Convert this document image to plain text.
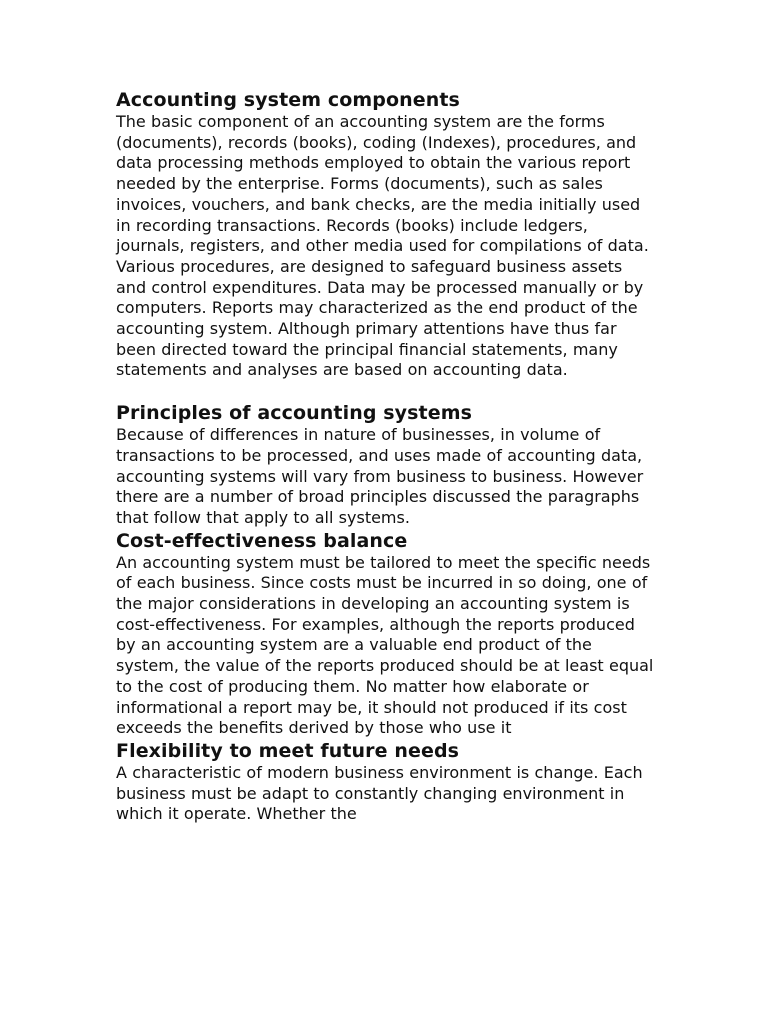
Accounting system components

The basic component of an accounting system are the forms (documents), records (books), coding (Indexes), procedures, and data processing methods employed to obtain the various report needed by the enterprise. Forms (documents), such as sales invoices, vouchers, and bank checks, are the media initially used in recording transactions. Records (books) include ledgers, journals, registers, and other media used for compilations of data. Various procedures, are designed to safeguard business assets and control expenditures. Data may be processed manually or by computers. Reports may characterized as the end product of the accounting system. Although primary attentions have thus far been directed toward the principal financial statements, many statements and analyses are based on accounting data.

Principles of accounting systems

Because of differences in nature of businesses, in volume of transactions to be processed, and uses made of accounting data, accounting systems will vary from business to business. However there are a number of broad principles discussed the paragraphs that follow that apply to all systems.

Cost-effectiveness balance

An accounting system must be tailored to meet the specific needs of each business. Since costs must be incurred in so doing, one of the major considerations in developing an accounting system is cost-effectiveness. For examples, although the reports produced by an accounting system are a valuable end product of the system, the value of the reports produced should be at least equal to the cost of producing them. No matter how elaborate or informational a report may be, it should not produced if its cost exceeds the benefits derived by those who use it

Flexibility to meet future needs

A characteristic of modern business environment is change. Each business must be adapt to constantly changing environment in which it operate. Whether the
